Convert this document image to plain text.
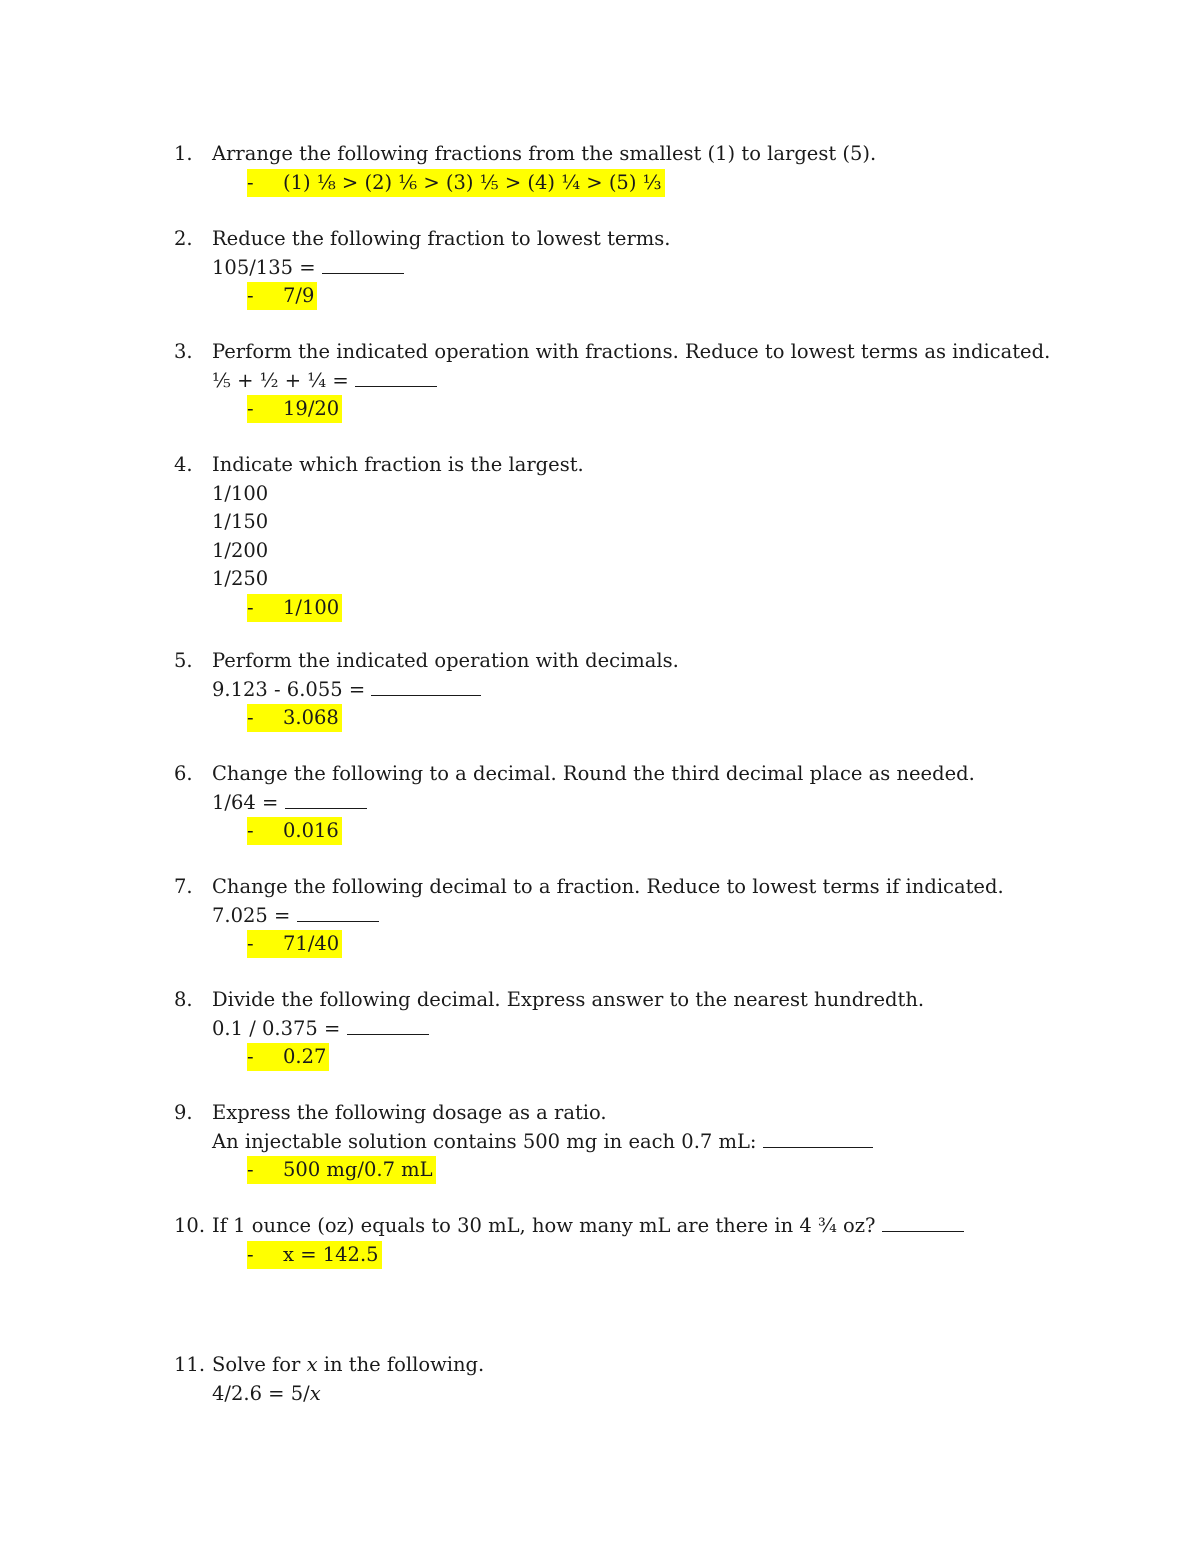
1. Arrange the following fractions from the smallest (1) to largest (5).
- (1) ⅛ > (2) ⅙ > (3) ⅕ > (4) ¼ > (5) ⅓
2. Reduce the following fraction to lowest terms.
105/135 =
- 7/9
3. Perform the indicated operation with fractions. Reduce to lowest terms as indicated.
⅕ + ½ + ¼ =
- 19/20
4. Indicate which fraction is the largest.
1/100
1/150
1/200
1/250
- 1/100
5. Perform the indicated operation with decimals.
9.123 - 6.055 =
- 3.068
6. Change the following to a decimal. Round the third decimal place as needed.
1/64 =
- 0.016
7. Change the following decimal to a fraction. Reduce to lowest terms if indicated.
7.025 =
- 71/40
8. Divide the following decimal. Express answer to the nearest hundredth.
0.1 / 0.375 =
- 0.27
9. Express the following dosage as a ratio.
An injectable solution contains 500 mg in each 0.7 mL:
- 500 mg/0.7 mL
10. If 1 ounce (oz) equals to 30 mL, how many mL are there in 4 ¾ oz?
- x = 142.5
11. Solve for x in the following.
4/2.6 = 5/x
